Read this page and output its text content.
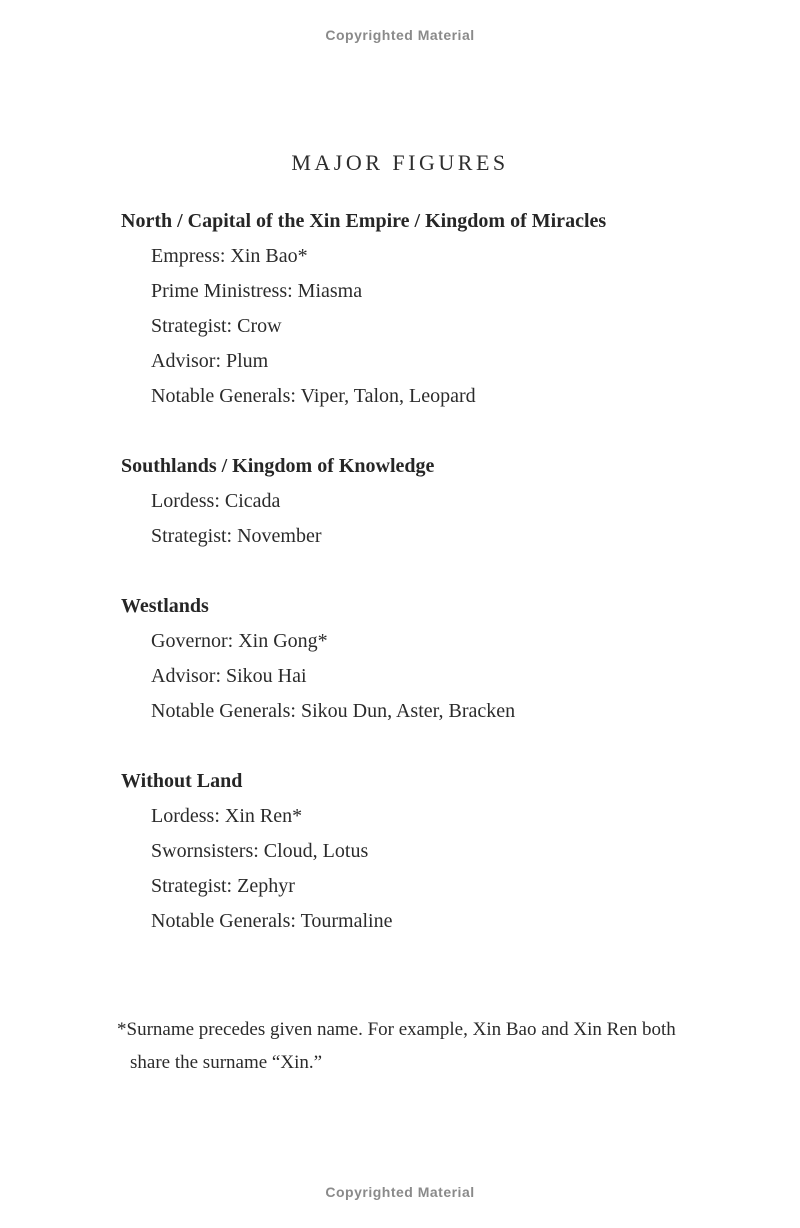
Copyrighted Material
MAJOR FIGURES
North / Capital of the Xin Empire / Kingdom of Miracles
Empress: Xin Bao*
Prime Ministress: Miasma
Strategist: Crow
Advisor: Plum
Notable Generals: Viper, Talon, Leopard
Southlands / Kingdom of Knowledge
Lordess: Cicada
Strategist: November
Westlands
Governor: Xin Gong*
Advisor: Sikou Hai
Notable Generals: Sikou Dun, Aster, Bracken
Without Land
Lordess: Xin Ren*
Swornsisters: Cloud, Lotus
Strategist: Zephyr
Notable Generals: Tourmaline
*Surname precedes given name. For example, Xin Bao and Xin Ren both share the surname “Xin.”
Copyrighted Material
